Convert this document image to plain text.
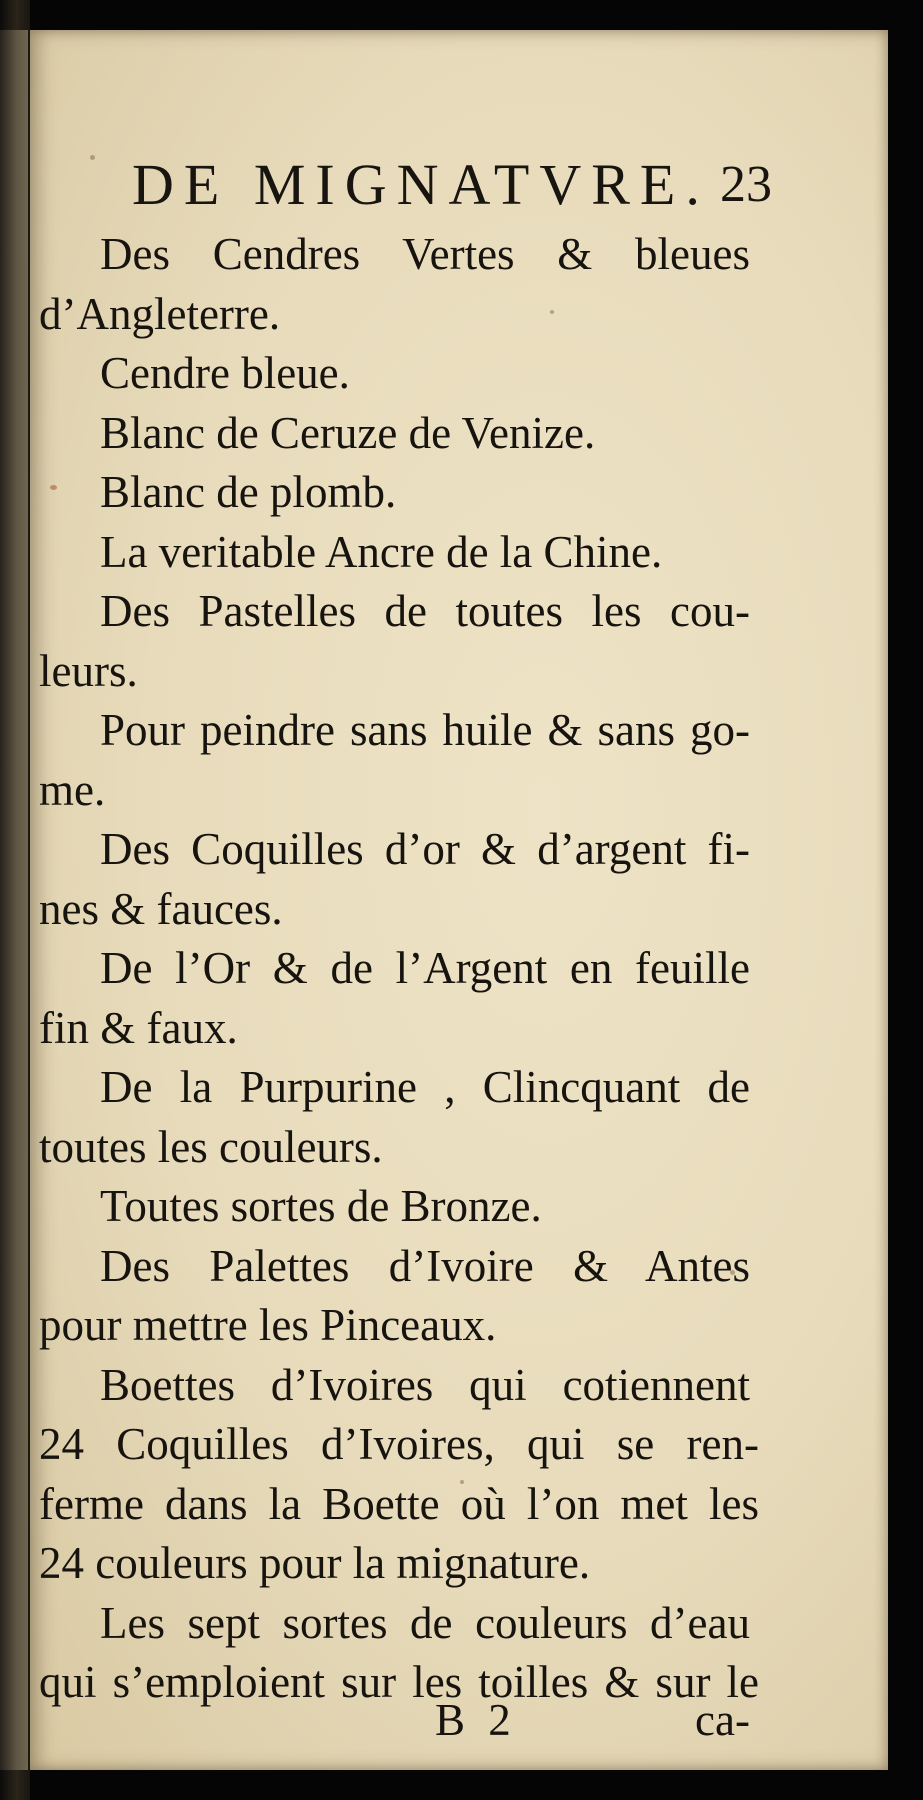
DE MIGNATVRE. 23
Des Cendres Vertes & bleues
d’Angleterre.
Cendre bleue.
Blanc de Ceruze de Venize.
Blanc de plomb.
La veritable Ancre de la Chine.
Des Pastelles de toutes les cou-
leurs.
Pour peindre sans huile & sans go-
me.
Des Coquilles d’or & d’argent fi-
nes & fauces.
De l’Or & de l’Argent en feuille
fin & faux.
De la Purpurine , Clincquant de
toutes les couleurs.
Toutes sortes de Bronze.
Des Palettes d’Ivoire & Antes
pour mettre les Pinceaux.
Boettes d’Ivoires qui cotiennent
24 Coquilles d’Ivoires, qui se ren-
ferme dans la Boette où l’on met les
24 couleurs pour la mignature.
Les sept sortes de couleurs d’eau
qui s’emploient sur les toilles & sur le
B 2	ca-
